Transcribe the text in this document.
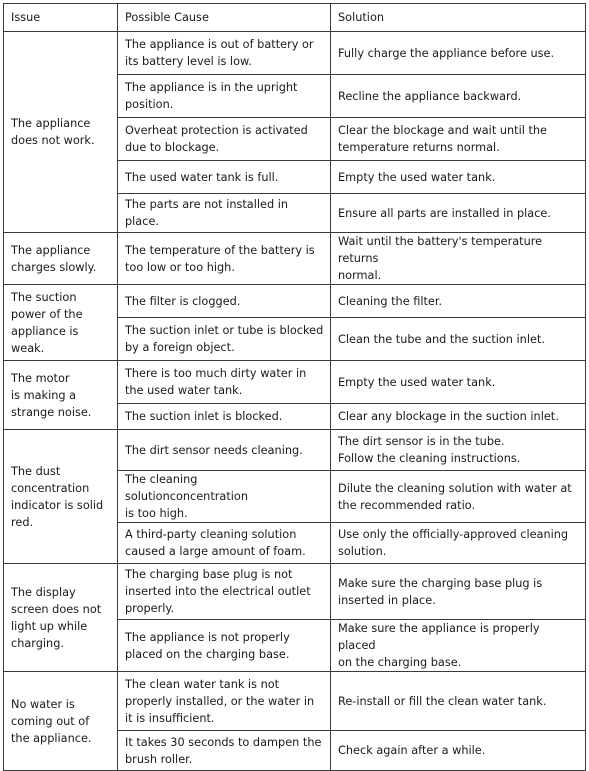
Issue	Possible Cause	Solution

The appliance
does not work.	The appliance is out of battery or
its battery level is low.	Fully charge the appliance before use.

	The appliance is in the upright
position.	Recline the appliance backward.

	Overheat protection is activated
due to blockage.	Clear the blockage and wait until the
temperature returns normal.

	The used water tank is full.	Empty the used water tank.

	The parts are not installed in place.	Ensure all parts are installed in place.

The appliance
charges slowly.	The temperature of the battery is
too low or too high.	Wait until the battery's temperature returns
normal.

The suction
power of the
appliance is
weak.	The filter is clogged.	Cleaning the filter.

	The suction inlet or tube is blocked
by a foreign object.	Clean the tube and the suction inlet.

The motor
is making a
strange noise.	There is too much dirty water in
the used water tank.	Empty the used water tank.

	The suction inlet is blocked.	Clear any blockage in the suction inlet.

The dust
concentration
indicator is solid
red.	The dirt sensor needs cleaning.	The dirt sensor is in the tube.
Follow the cleaning instructions.

	The cleaning solutionconcentration
is too high.	Dilute the cleaning solution with water at
the recommended ratio.

	A third-party cleaning solution
caused a large amount of foam.	Use only the officially-approved cleaning
solution.

The display
screen does not
light up while
charging.	The charging base plug is not
inserted into the electrical outlet
properly.	Make sure the charging base plug is
inserted in place.

	The appliance is not properly
placed on the charging base.	Make sure the appliance is properly placed
on the charging base.

No water is
coming out of
the appliance.	The clean water tank is not
properly installed, or the water in
it is insufficient.	Re-install or fill the clean water tank.

	It takes 30 seconds to dampen the
brush roller.	Check again after a while.
